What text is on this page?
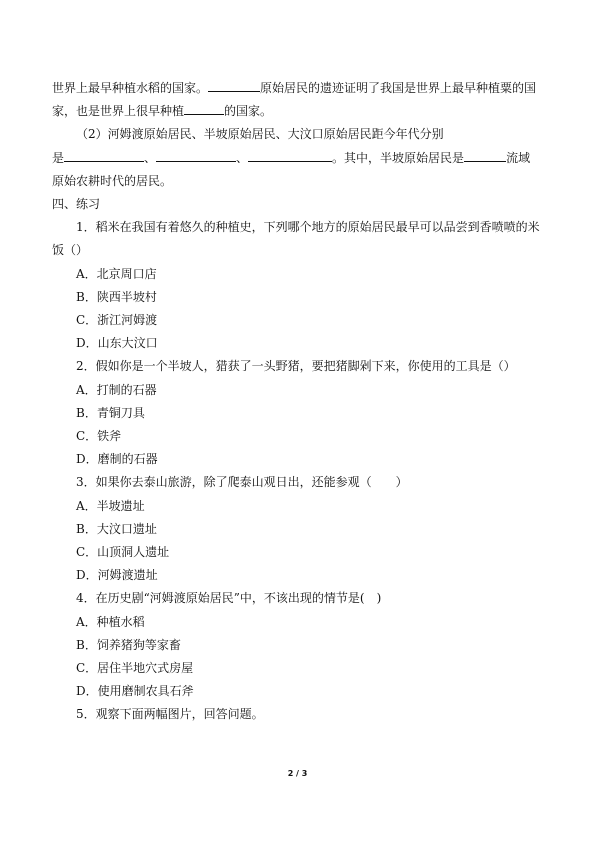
世界上最早种植水稻的国家。	原始居民的遗迹证明了我国是世界上最早种植粟的国
家，也是世界上很早种植	的国家。
（2）河姆渡原始居民、半坡原始居民、大汶口原始居民距今年代分别
是	、	、	。其中，半坡原始居民是	流域
原始农耕时代的居民。
四、练习
1．稻米在我国有着悠久的种植史，下列哪个地方的原始居民最早可以品尝到香喷喷的米
饭（）
A．北京周口店
B．陕西半坡村
C．浙江河姆渡
D．山东大汶口
2．假如你是一个半坡人，猎获了一头野猪，要把猪脚剁下来，你使用的工具是（）
A．打制的石器
B．青铜刀具
C．铁斧
D．磨制的石器
3．如果你去泰山旅游，除了爬泰山观日出，还能参观（　　）
A．半坡遗址
B．大汶口遗址
C．山顶洞人遗址
D．河姆渡遗址
4．在历史剧“河姆渡原始居民”中，不该出现的情节是(　)
A．种植水稻
B．饲养猪狗等家畜
C．居住半地穴式房屋
D．使用磨制农具石斧
5．观察下面两幅图片，回答问题。
2 / 3
